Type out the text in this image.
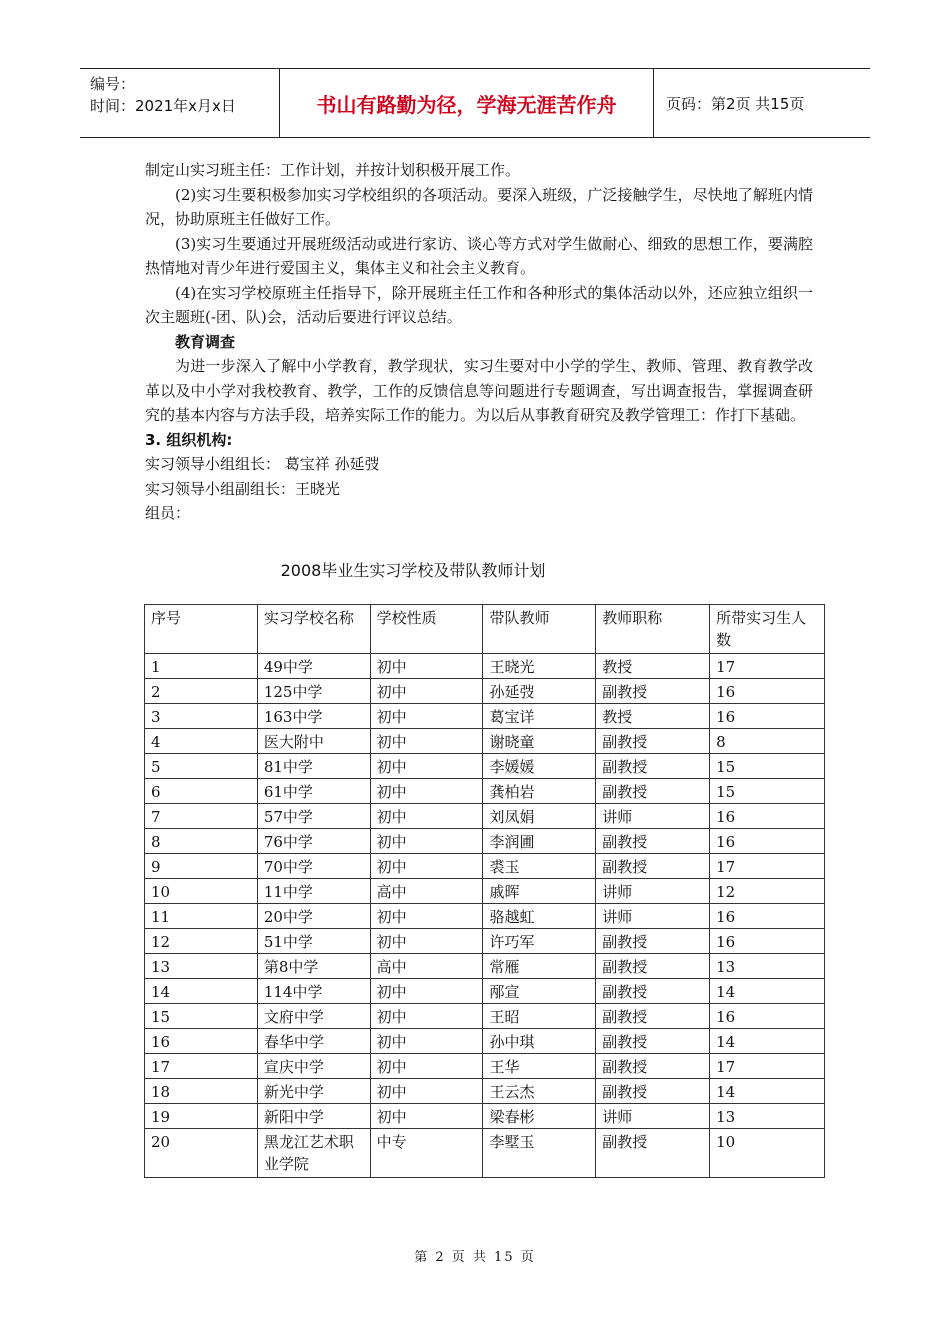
编号：
时间：2021年x月x日	书山有路勤为径，学海无涯苦作舟	页码：第2页 共15页

制定山实习班主任：工作计划，并按计划积极开展工作。

(2)实习生要积极参加实习学校组织的各项活动。要深入班级，广泛接触学生，尽快地了解班内情况，协助原班主任做好工作。

(3)实习生要通过开展班级活动或进行家访、谈心等方式对学生做耐心、细致的思想工作，要满腔热情地对青少年进行爱国主义，集体主义和社会主义教育。

(4)在实习学校原班主任指导下，除开展班主任工作和各种形式的集体活动以外，还应独立组织一次主题班(-团、队)会，活动后要进行评议总结。

教育调查

为进一步深入了解中小学教育，教学现状，实习生要对中小学的学生、教师、管理、教育教学改革以及中小学对我校教育、教学，工作的反馈信息等问题进行专题调查，写出调查报告，掌握调查研究的基本内容与方法手段，培养实际工作的能力。为以后从事教育研究及教学管理工：作打下基础。

3. 组织机构:

实习领导小组组长： 葛宝祥 孙延弢

实习领导小组副组长：王晓光

组员：

2008毕业生实习学校及带队教师计划
序号	实习学校名称	学校性质	带队教师	教师职称	所带实习生人数
1	49中学	初中	王晓光	教授	17
2	125中学	初中	孙延弢	副教授	16
3	163中学	初中	葛宝详	教授	16
4	医大附中	初中	谢晓童	副教授	8
5	81中学	初中	李媛媛	副教授	15
6	61中学	初中	龚柏岩	副教授	15
7	57中学	初中	刘凤娟	讲师	16
8	76中学	初中	李润圃	副教授	16
9	70中学	初中	裘玉	副教授	17
10	11中学	高中	戚晖	讲师	12
11	20中学	初中	骆越虹	讲师	16
12	51中学	初中	许巧军	副教授	16
13	第8中学	高中	常雁	副教授	13
14	114中学	初中	邴宣	副教授	14
15	文府中学	初中	王昭	副教授	16
16	春华中学	初中	孙中琪	副教授	14
17	宣庆中学	初中	王华	副教授	17
18	新光中学	初中	王云杰	副教授	14
19	新阳中学	初中	梁春彬	讲师	13
20	黑龙江艺术职业学院	中专	李墅玉	副教授	10
第 2 页 共 15 页
